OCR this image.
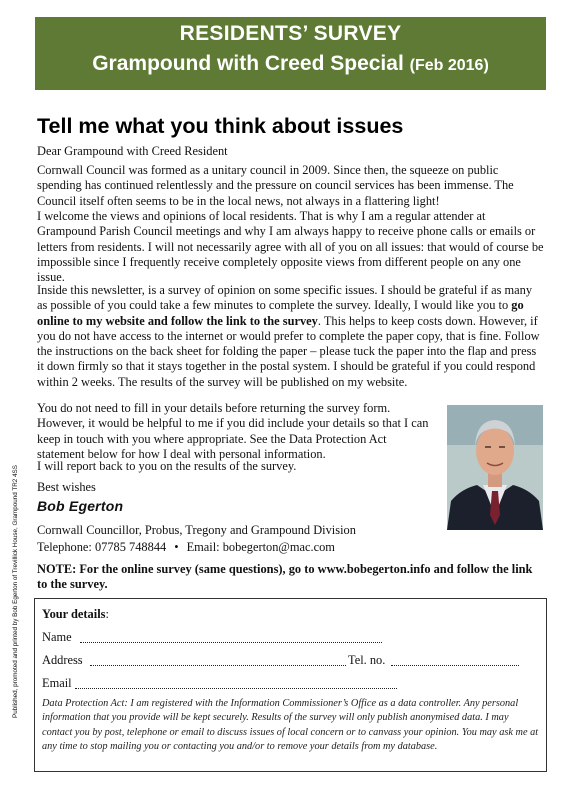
RESIDENTS’ SURVEY
Grampound with Creed Special (Feb 2016)
Tell me what you think about issues
Dear Grampound with Creed Resident
Cornwall Council was formed as a unitary council in 2009. Since then, the squeeze on public spending has continued relentlessly and the pressure on council services has been immense. The Council itself often seems to be in the local news, not always in a flattering light!
I welcome the views and opinions of local residents. That is why I am a regular attender at Grampound Parish Council meetings and why I am always happy to receive phone calls or emails or letters from residents. I will not necessarily agree with all of you on all issues: that would of course be impossible since I frequently receive completely opposite views from different people on any one issue.
Inside this newsletter, is a survey of opinion on some specific issues. I should be grateful if as many as possible of you could take a few minutes to complete the survey. Ideally, I would like you to go online to my website and follow the link to the survey. This helps to keep costs down. However, if you do not have access to the internet or would prefer to complete the paper copy, that is fine. Follow the instructions on the back sheet for folding the paper – please tuck the paper into the flap and press it down firmly so that it stays together in the postal system. I should be grateful if you could respond within 2 weeks. The results of the survey will be published on my website.
You do not need to fill in your details before returning the survey form. However, it would be helpful to me if you did include your details so that I can keep in touch with you where appropriate. See the Data Protection Act statement below for how I deal with personal information.
I will report back to you on the results of the survey.
Best wishes
Bob Egerton
Cornwall Councillor, Probus, Tregony and Grampound Division
Telephone: 07785 748844 • Email: bobegerton@mac.com
NOTE: For the online survey (same questions), go to www.bobegerton.info and follow the link to the survey.
Your details:
Name
Address	Tel. no.
Email
Data Protection Act: I am registered with the Information Commissioner’s Office as a data controller. Any personal information that you provide will be kept securely. Results of the survey will only publish anonymised data. I may contact you by post, telephone or email to discuss issues of local concern or to canvass your opinion. You may ask me at any time to stop mailing you or contacting you and/or to remove your details from my database.
Published, promoted and printed by Bob Egerton of Trevillick House, Grampound TR2 4SS
